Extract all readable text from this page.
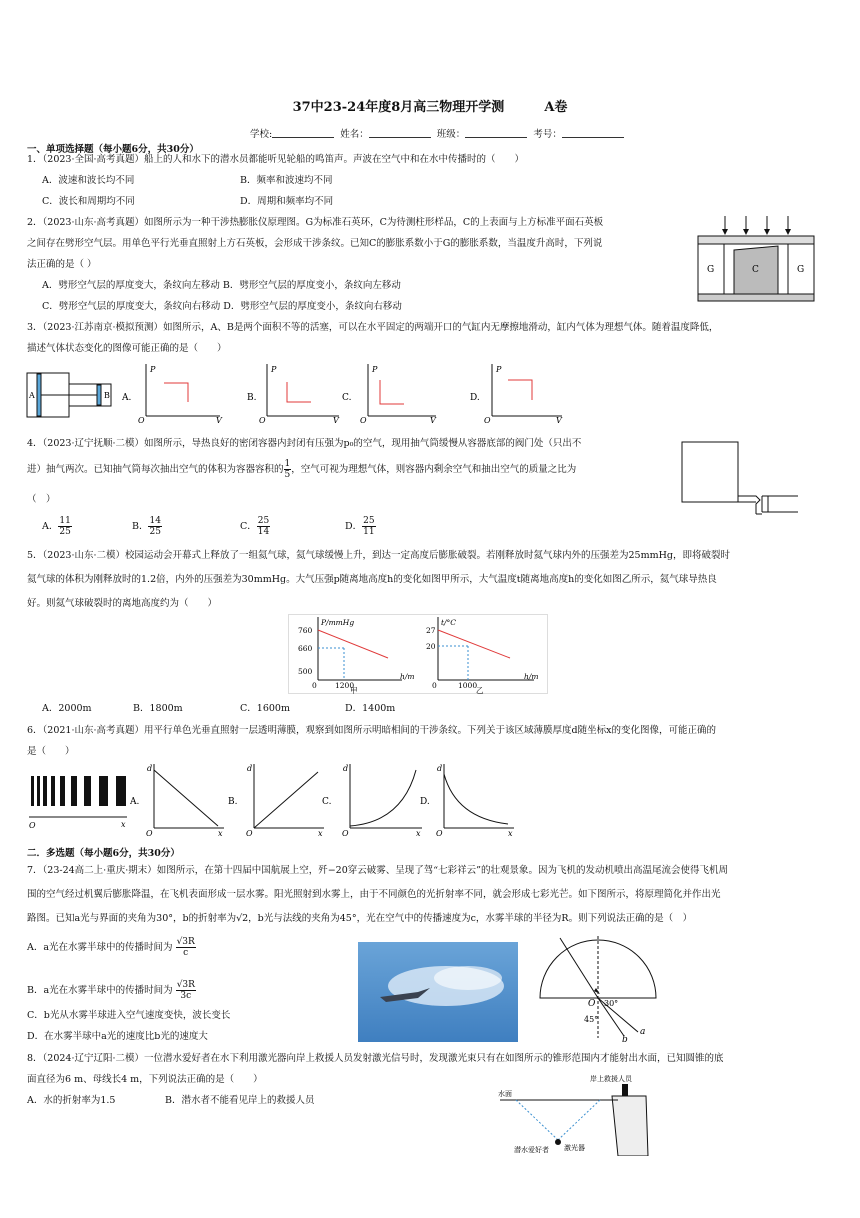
37中23-24年度8月高三物理开学测	A卷
学校:	姓名：	班级：	考号：
一、单项选择题（每小题6分，共30分）
1．（2023·全国·高考真题）船上的人和水下的潜水员都能听见轮船的鸣笛声。声波在空气中和在水中传播时的（　　）
A．波速和波长均不同	B．频率和波速均不同
C．波长和周期均不同	D．周期和频率均不同
2．（2023·山东·高考真题）如图所示为一种干涉热膨胀仪原理图。G为标准石英环，C为待测柱形样品，C的上表面与上方标准平面石英板
之间存在劈形空气层。用单色平行光垂直照射上方石英板，会形成干涉条纹。已知C的膨胀系数小于G的膨胀系数，当温度升高时，下列说
法正确的是（ ）
A．劈形空气层的厚度变大，条纹向左移动 B．劈形空气层的厚度变小，条纹向左移动
C．劈形空气层的厚度变大，条纹向右移动 D．劈形空气层的厚度变小，条纹向右移动
G	G
C
3．（2023·江苏南京·模拟预测）如图所示，A、B是两个面积不等的活塞，可以在水平固定的两端开口的气缸内无摩擦地滑动，缸内气体为理想气体。随着温度降低，
描述气体状态变化的图像可能正确的是（　　）
A	B A.
P
V
O
B.
P
V
O
C.
P
V
O
D.
P
V
O
4．（2023·辽宁抚顺·二模）如图所示，导热良好的密闭容器内封闭有压强为p₀的空气，现用抽气筒缓慢从容器底部的阀门处（只出不
进）抽气两次。已知抽气筒每次抽出空气的体积为容器容积的 $\frac{1}{5}$ ，空气可视为理想气体，则容器内剩余空气和抽出空气的质量之比为
（　）
A． $\frac{11}{25}$	B． $\frac{14}{25}$	C． $\frac{25}{14}$	D． $\frac{25}{11}$
5．（2023·山东·二模）校园运动会开幕式上释放了一组氦气球，氦气球缓慢上升，到达一定高度后膨胀破裂。若刚释放时氦气球内外的压强差为25mmHg，即将破裂时
氦气球的体积为刚释放时的1.2倍，内外的压强差为30mmHg。大气压强p随离地高度h的变化如图甲所示，大气温度t随离地高度h的变化如图乙所示，氦气球导热良
好。则氦气球破裂时的离地高度约为（　　）
P/mmHg
h/m
760
660
500
0 1200
甲
t/°C
h/m
27
20
0	1000
乙
A．2000m	B．1800m	C．1600m	D．1400m
6．（2021·山东·高考真题）用平行单色光垂直照射一层透明薄膜，观察到如图所示明暗相间的干涉条纹。下列关于该区域薄膜厚度d随坐标x的变化图像，可能正确的
是（　　）
O	x
A.
d
x
O
B.
d
x
O
C.
d
x
O
D.
d
x
O
二．多选题（每小题6分，共30分）
7．（23-24高二上·重庆·期末）如图所示，在第十四届中国航展上空，歼−20穿云破雾、呈现了驾“七彩祥云”的壮观景象。因为飞机的发动机喷出高温尾流会使得飞机周
围的空气经过机翼后膨胀降温，在飞机表面形成一层水雾。阳光照射到水雾上，由于不同颜色的光折射率不同，就会形成七彩光芒。如下图所示，将原理简化并作出光
路图。已知a光与界面的夹角为30°，b的折射率为√2，b光与法线的夹角为45°，光在空气中的传播速度为c，水雾半球的半径为R。则下列说法正确的是（　）
A．a光在水雾半球中的传播时间为 $\frac{√3R}{c}$
B．a光在水雾半球中的传播时间为 $\frac{√3R}{3c}$
C．b光从水雾半球进入空气速度变快，波长变长
D．在水雾半球中a光的速度比b光的速度大
O 30°
45°
a
b
8．（2024·辽宁辽阳·二模）一位潜水爱好者在水下利用激光器向岸上救援人员发射激光信号时，发现激光束只有在如图所示的锥形范围内才能射出水面，已知圆锥的底
面直径为6 m、母线长4 m，下列说法正确的是（　　）
A．水的折射率为1.5	B．潜水者不能看见岸上的救援人员
岸上救援人员
水面
潜水爱好者 激光器
